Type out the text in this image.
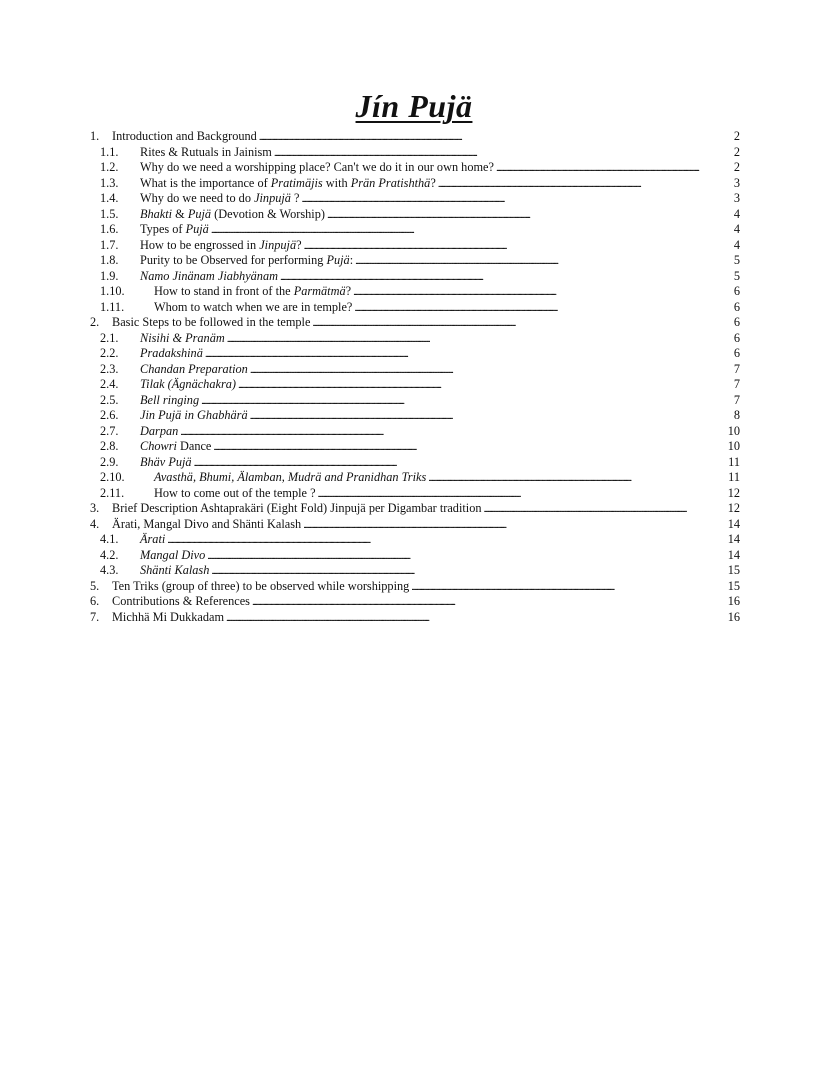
Jín Pujä
1.	Introduction and Background . . .	2
1.1.	Rites & Rutuals in Jainism . . .	2
1.2.	Why do we need a worshipping place? Can't we do it in our own home? . . .	2
1.3.	What is the importance of Pratimäjis with Prän Pratishthä? . . .	3
1.4.	Why do we need to do Jinpujä ? . . .	3
1.5.	Bhakti & Pujä (Devotion & Worship) . . .	4
1.6.	Types of Pujä . . .	4
1.7.	How to be engrossed in Jinpujä? . . .	4
1.8.	Purity to be Observed for performing Pujä: . . .	5
1.9.	Namo Jinänam Jiabhyänam . . .	5
1.10.	How to stand in front of the Parmätmä? . . .	6
1.11.	Whom to watch when we are in temple? . . .	6
2.	Basic Steps to be followed in the temple . . .	6
2.1.	Nisihi & Pranäm . . .	6
2.2.	Pradakshinä . . .	6
2.3.	Chandan Preparation . . .	7
2.4.	Tilak (Ägnächakra) . . .	7
2.5.	Bell ringing . . .	7
2.6.	Jin Pujä in Ghabhärä . . .	8
2.7.	Darpan . . .	10
2.8.	Chowri Dance . . .	10
2.9.	Bhäv Pujä . . .	11
2.10.	Avasthä, Bhumi, Älamban, Mudrä and Pranidhan Triks . . .	11
2.11.	How to come out of the temple ? . . .	12
3.	Brief Description Ashtaprakäri (Eight Fold) Jinpujä per Digambar tradition . . .	12
4.	Ärati, Mangal Divo and Shänti Kalash . . .	14
4.1.	Ärati . . .	14
4.2.	Mangal Divo . . .	14
4.3.	Shänti Kalash . . .	15
5.	Ten Triks (group of three) to be observed while worshipping . . .	15
6.	Contributions & References . . .	16
7.	Michhä Mi Dukkadam . . .	16
